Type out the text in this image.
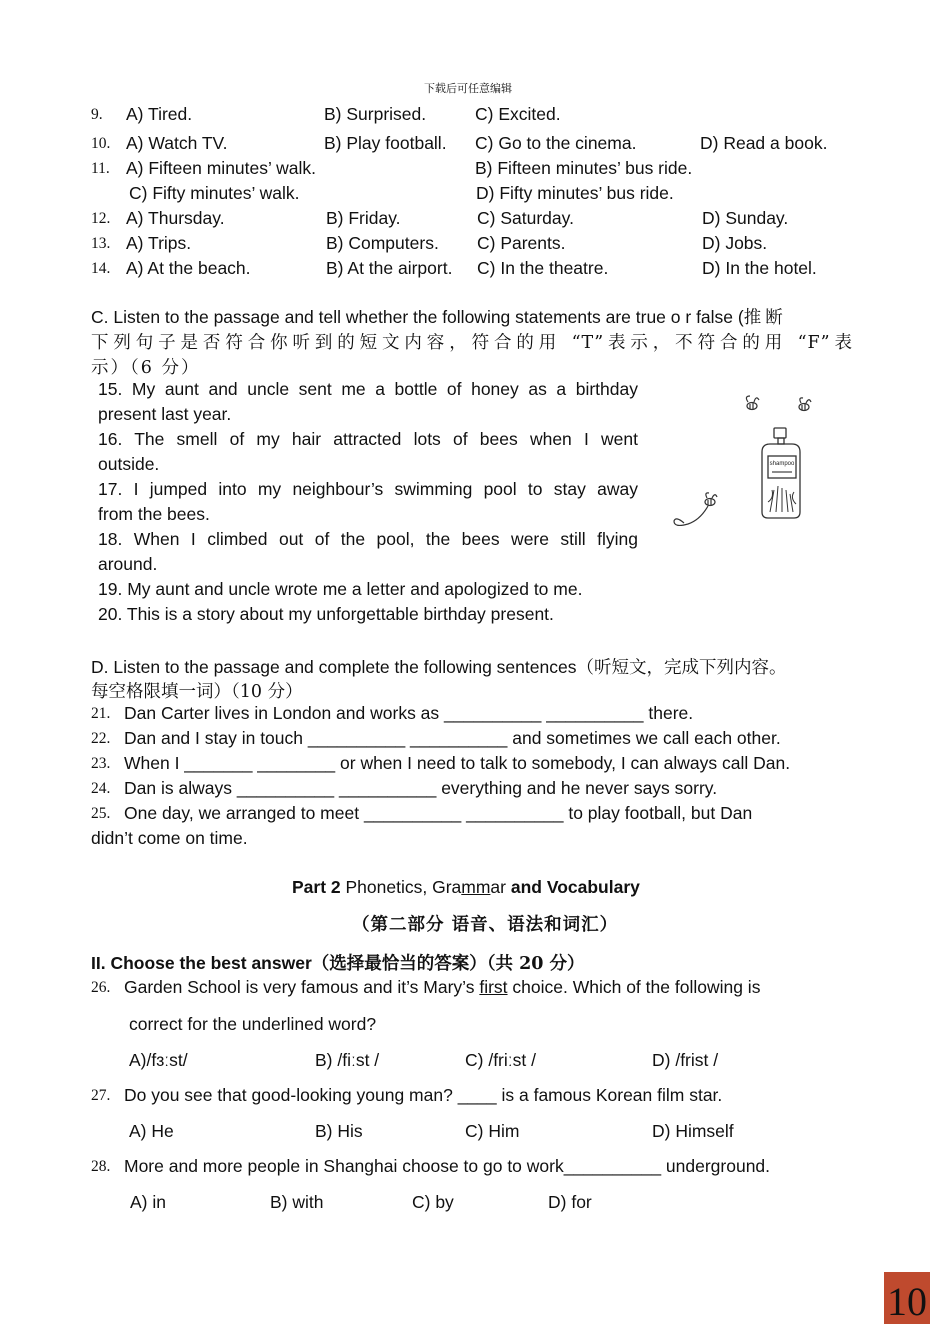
下载后可任意编辑
9. A) Tired.	B) Surprised.	C) Excited.
10. A) Watch TV.	B) Play football. C) Go to the cinema.	D) Read a book.
11. A) Fifteen minutes’ walk.	B) Fifteen minutes’ bus ride.
C) Fifty minutes’ walk.	D) Fifty minutes’ bus ride.
12. A) Thursday.	B) Friday.	C) Saturday.	D) Sunday.
13. A) Trips.	B) Computers. C) Parents.	D) Jobs.
14. A) At the beach.	B) At the airport. C) In the theatre.	D) In the hotel.
C. Listen to the passage and tell whether the following statements are true o r false (推断
下列句子是否符合你听到的短文内容，符合的用 “T”表示，不符合的用 “F”表
示）（6 分）
15. My aunt and uncle sent me a bottle of honey as a birthday
present last year.
16. The smell of my hair attracted lots of bees when I went
outside.
17. I jumped into my neighbour’s swimming pool to stay away
from the bees.
18. When I climbed out of the pool, the bees were still flying
around.
19. My aunt and uncle wrote me a letter and apologized to me.
20. This is a story about my unforgettable birthday present.
shampoo
D. Listen to the passage and complete the following sentences（听短文，完成下列内容。
每空格限填一词）（10 分）
21. Dan Carter lives in London and works as __________ __________ there.
22. Dan and I stay in touch __________ __________ and sometimes we call each other.
23. When I _______ ________ or when I need to talk to somebody, I can always call Dan.
24. Dan is always __________ __________ everything and he never says sorry.
25. One day, we arranged to meet __________ __________ to play football, but Dan
didn’t come on time.
Part 2 Phonetics, Grammar and Vocabulary
（第二部分 语音、语法和词汇）
II. Choose the best answer（选择最恰当的答案）（共 20 分）
26. Garden School is very famous and it’s Mary’s first choice. Which of the following is
correct for the underlined word?
A)/fɜːst/	B) /fiːst /	C) /friːst /	D) /frist /
27. Do you see that good-looking young man? ____ is a famous Korean film star.
A) He	B) His	C) Him	D) Himself
28. More and more people in Shanghai choose to go to work__________ underground.
A) in	B) with	C) by	D) for
10
